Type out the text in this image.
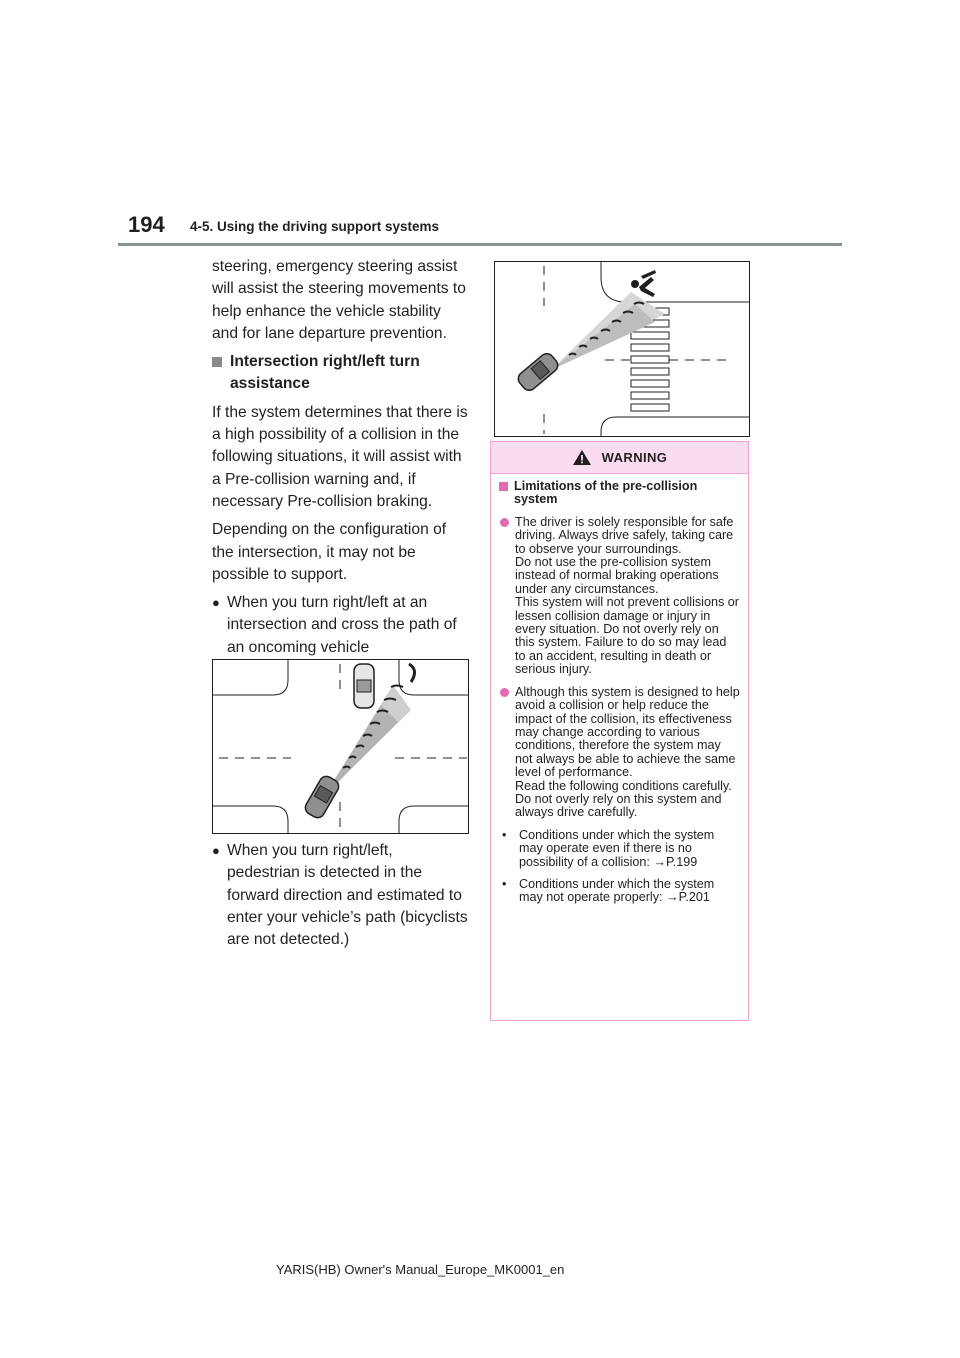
194 4-5. Using the driving support systems

steering, emergency steering assist will assist the steering movements to help enhance the vehicle stability and for lane departure prevention.

Intersection right/left turn assistance

If the system determines that there is a high possibility of a collision in the following situations, it will assist with a Pre-collision warning and, if necessary Pre-collision braking.

Depending on the configuration of the intersection, it may not be possible to support.

● When you turn right/left at an intersection and cross the path of an oncoming vehicle
● When you turn right/left, pedestrian is detected in the forward direction and estimated to enter your vehicle’s path (bicyclists are not detected.)
WARNING
Limitations of the pre-collision system
The driver is solely responsible for safe driving. Always drive safely, taking care to observe your surroundings.
Do not use the pre-collision system instead of normal braking operations under any circumstances.
This system will not prevent collisions or lessen collision damage or injury in every situation. Do not overly rely on this system. Failure to do so may lead to an accident, resulting in death or serious injury.
Although this system is designed to help avoid a collision or help reduce the impact of the collision, its effectiveness may change according to various conditions, therefore the system may not always be able to achieve the same level of performance.
Read the following conditions carefully. Do not overly rely on this system and always drive carefully.
• Conditions under which the system may operate even if there is no possibility of a collision: →P.199
• Conditions under which the system may not operate properly: →P.201
YARIS(HB) Owner's Manual_Europe_MK0001_en
